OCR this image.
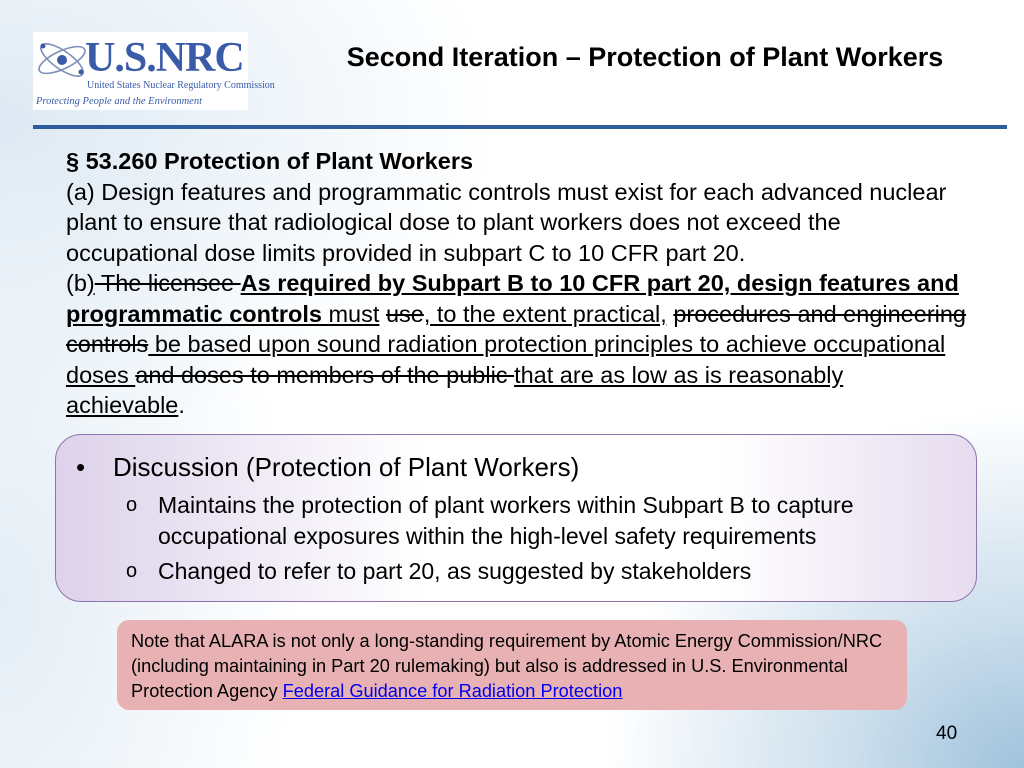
U.S.NRC
United States Nuclear Regulatory Commission
Protecting People and the Environment
Second Iteration – Protection of Plant Workers

§ 53.260 Protection of Plant Workers

(a) Design features and programmatic controls must exist for each advanced nuclear plant to ensure that radiological dose to plant workers does not exceed the occupational dose limits provided in subpart C to 10 CFR part 20.

(b) The licensee As required by Subpart B to 10 CFR part 20, design features and programmatic controls must use, to the extent practical, procedures and engineering controls be based upon sound radiation protection principles to achieve occupational doses and doses to members of the public that are as low as is reasonably achievable.

• Discussion (Protection of Plant Workers)
o Maintains the protection of plant workers within Subpart B to capture occupational exposures within the high-level safety requirements
o Changed to refer to part 20, as suggested by stakeholders

Note that ALARA is not only a long-standing requirement by Atomic Energy Commission/NRC (including maintaining in Part 20 rulemaking) but also is addressed in U.S. Environmental Protection Agency Federal Guidance for Radiation Protection

40
